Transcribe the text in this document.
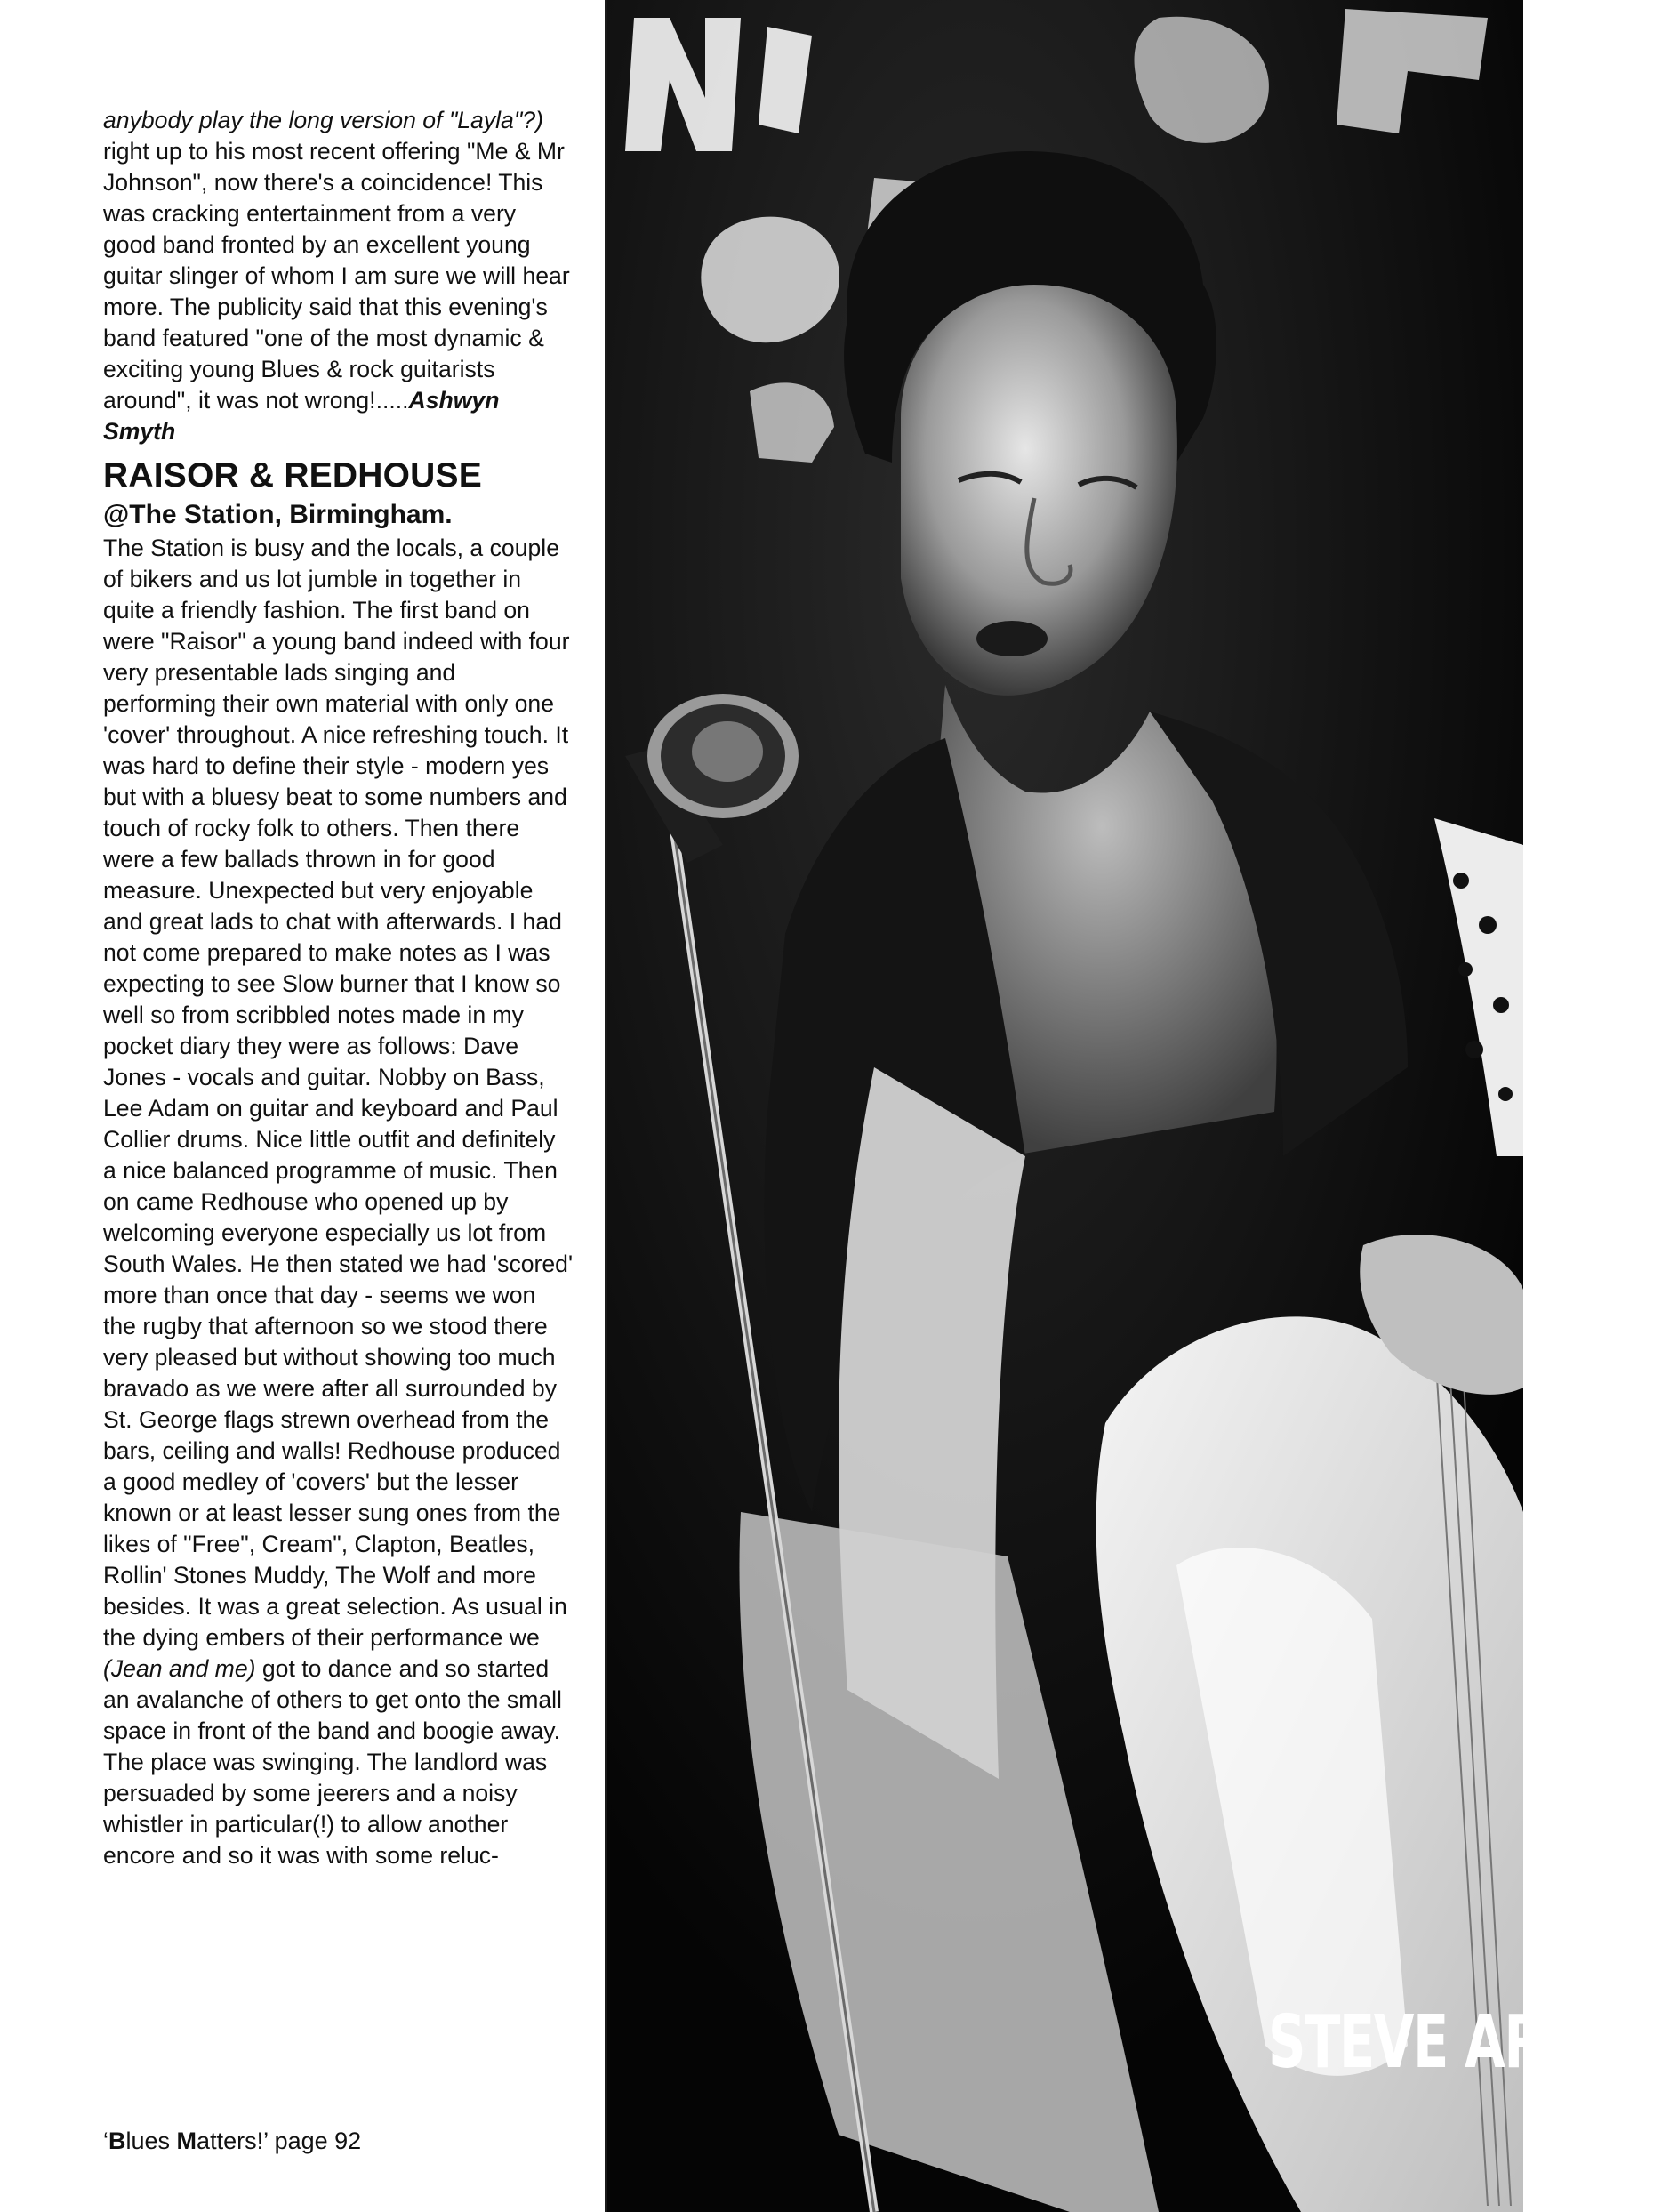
anybody play the long version of "Layla"?) right up to his most recent offering "Me & Mr Johnson", now there's a coincidence! This was cracking entertainment from a very good band fronted by an excellent young guitar slinger of whom I am sure we will hear more. The publicity said that this evening's band featured "one of the most dynamic & exciting young Blues & rock guitarists around", it was not wrong!.....Ashwyn Smyth

RAISOR & REDHOUSE

@The Station, Birmingham.

The Station is busy and the locals, a couple of bikers and us lot jumble in together in quite a friendly fashion. The first band on were "Raisor" a young band indeed with four very presentable lads singing and performing their own material with only one 'cover' throughout. A nice refreshing touch. It was hard to define their style - modern yes but with a bluesy beat to some numbers and touch of rocky folk to others. Then there were a few ballads thrown in for good measure. Unexpected but very enjoyable and great lads to chat with afterwards. I had not come prepared to make notes as I was expecting to see Slow burner that I know so well so from scribbled notes made in my pocket diary they were as follows: Dave Jones - vocals and guitar. Nobby on Bass, Lee Adam on guitar and keyboard and Paul Collier drums. Nice little outfit and definitely a nice balanced programme of music. Then on came Redhouse who opened up by welcoming everyone especially us lot from South Wales. He then stated we had 'scored' more than once that day - seems we won the rugby that afternoon so we stood there very pleased but without showing too much bravado as we were after all surrounded by St. George flags strewn overhead from the bars, ceiling and walls! Redhouse produced a good medley of 'covers' but the lesser known or at least lesser sung ones from the likes of "Free", Cream", Clapton, Beatles, Rollin' Stones Muddy, The Wolf and more besides. It was a great selection. As usual in the dying embers of their performance we (Jean and me) got to dance and so started an avalanche of others to get onto the small space in front of the band and boogie away. The place was swinging. The landlord was persuaded by some jeerers and a noisy whistler in particular(!) to allow another encore and so it was with some reluc-

‘Blues Matters!’ page 92
STEVE ARVEY
